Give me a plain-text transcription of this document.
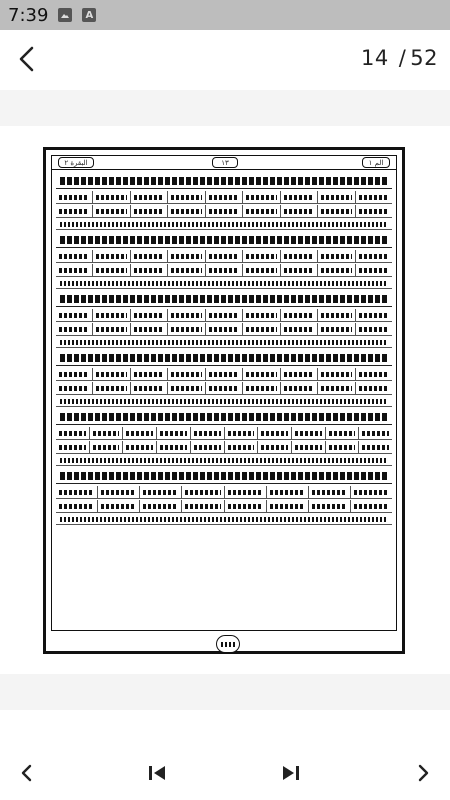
7:39	A
14 / 52
البقرة ٢	١٣	الم ١
